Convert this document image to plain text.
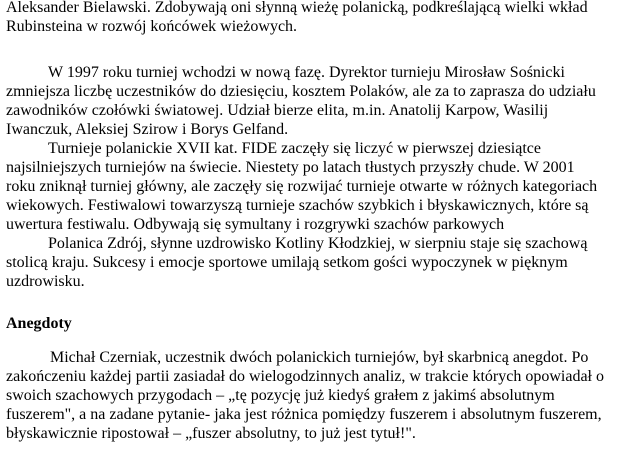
Aleksander Bielawski. Zdobywają oni słynną wieżę polanicką, podkreślającą wielki wkład

Rubinsteina w rozwój końcówek wieżowych.

W 1997 roku turniej wchodzi w nową fazę. Dyrektor turnieju Mirosław Sośnicki

zmniejsza liczbę uczestników do dziesięciu, kosztem Polaków, ale za to zaprasza do udziału

zawodników czołówki światowej. Udział bierze elita, m.in. Anatolij Karpow, Wasilij

Iwanczuk, Aleksiej Szirow i Borys Gelfand.

Turnieje polanickie XVII kat. FIDE zaczęły się liczyć w pierwszej dziesiątce

najsilniejszych turniejów na świecie. Niestety po latach tłustych przyszły chude. W 2001

roku zniknął turniej główny, ale zaczęły się rozwijać turnieje otwarte w różnych kategoriach

wiekowych. Festiwalowi towarzyszą turnieje szachów szybkich i błyskawicznych, które są

uwertura festiwalu. Odbywają się symultany i rozgrywki szachów parkowych

Polanica Zdrój, słynne uzdrowisko Kotliny Kłodzkiej, w sierpniu staje się szachową

stolicą kraju. Sukcesy i emocje sportowe umilają setkom gości wypoczynek w pięknym

uzdrowisku.

Anegdoty

Michał Czerniak, uczestnik dwóch polanickich turniejów, był skarbnicą anegdot. Po

zakończeniu każdej partii zasiadał do wielogodzinnych analiz, w trakcie których opowiadał o

swoich szachowych przygodach – „tę pozycję już kiedyś grałem z jakimś absolutnym

fuszerem", a na zadane pytanie- jaka jest różnica pomiędzy fuszerem i absolutnym fuszerem,

błyskawicznie ripostował – „fuszer absolutny, to już jest tytuł!".
